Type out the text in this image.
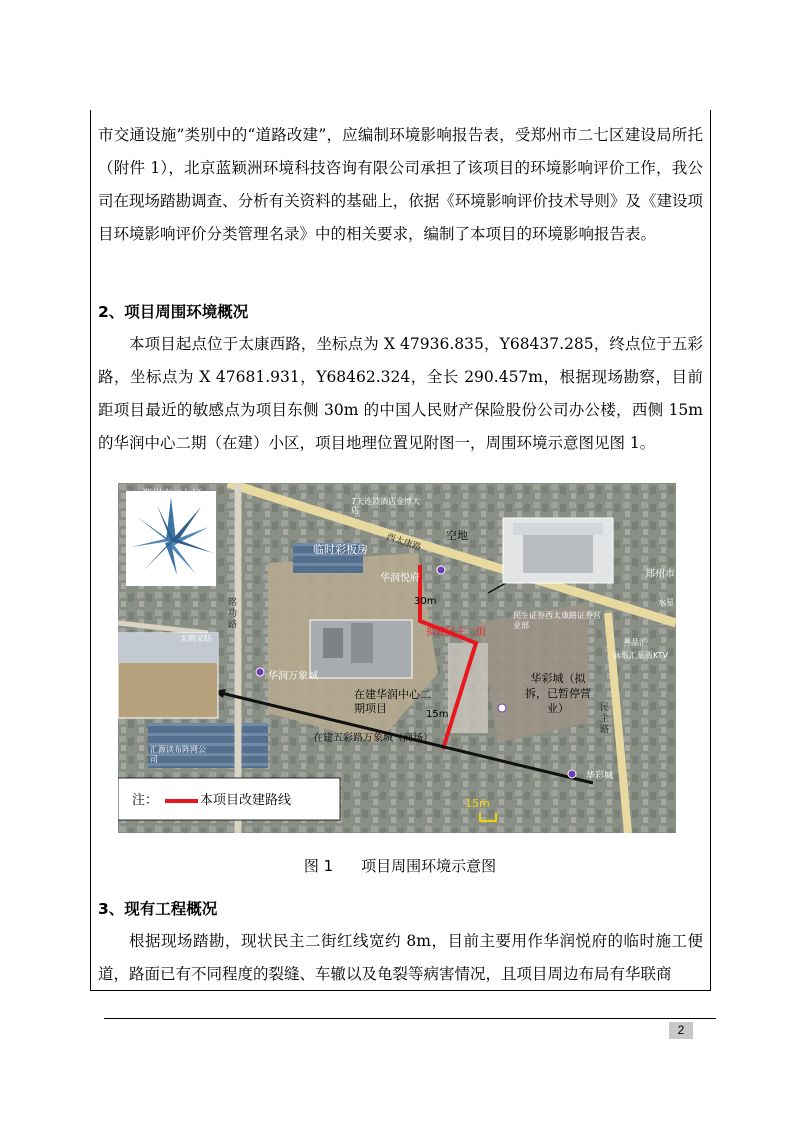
市交通设施”类别中的“道路改建”，应编制环境影响报告表，受郑州市二七区建设局所托（附件 1），北京蓝颖洲环境科技咨询有限公司承担了该项目的环境影响评价工作，我公司在现场踏勘调查、分析有关资料的基础上，依据《环境影响评价技术导则》及《建设项目环境影响评价分类管理名录》中的相关要求，编制了本项目的环境影响报告表。

2、项目周围环境概况

本项目起点位于太康西路，坐标点为 X 47936.835，Y68437.285，终点位于五彩路，坐标点为 X 47681.931，Y68462.324，全长 290.457m，根据现场勘察，目前距项目最近的敏感点为项目东侧 30m 的中国人民财产保险股份公司办公楼，西侧 15m 的华润中心二期（在建）小区，项目地理位置见附图一，周围环境示意图见图 1。

郑州市二七区
7天连锁酒店金博大店
空地
西太康路
临时彩板房
华润悦府	郑州市
30m
拟建民主二街
水星
民生证券西太康路证券营业部
善品汇
咏歌汇量贩KTV
太极家纺
华彩城（拟拆，已暂停营业）
华润万象城
在建华润中心二期项目	15m
民主路
在建五彩路万象城（商场）
华彩城
铭功路
汇源读布阵网公司
15m
注：	本项目改建路线
图 1 项目周围环境示意图

3、现有工程概况

根据现场踏勘，现状民主二街红线宽约 8m，目前主要用作华润悦府的临时施工便道，路面已有不同程度的裂缝、车辙以及龟裂等病害情况，且项目周边布局有华联商

2
